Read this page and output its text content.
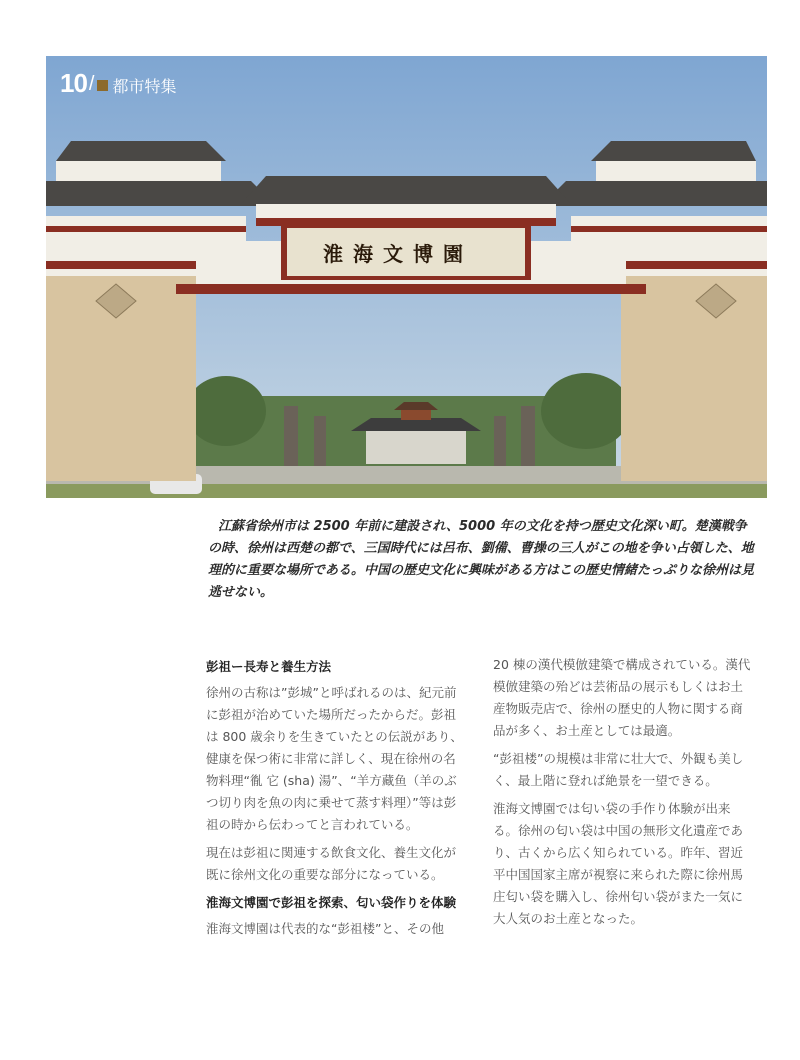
淮海文博園
10 / 都市特集

江蘇省徐州市は 2500 年前に建設され、5000 年の文化を持つ歴史文化深い町。楚漢戦争の時、徐州は西楚の都で、三国時代には呂布、劉備、曹操の三人がこの地を争い占領した、地理的に重要な場所である。中国の歴史文化に興味がある方はこの歴史情緒たっぷりな徐州は見逃せない。

彭祖ー長寿と養生方法

徐州の古称は”彭城”と呼ばれるのは、紀元前に彭祖が治めていた場所だったからだ。彭祖は 800 歳余りを生きていたとの伝説があり、健康を保つ術に非常に詳しく、現在徐州の名物料理“㣧 它 (sha) 湯”、“羊方藏鱼（羊のぶつ切り肉を魚の肉に乗せて蒸す料理）”等は彭祖の時から伝わってと言われている。

現在は彭祖に関連する飲食文化、養生文化が既に徐州文化の重要な部分になっている。

淮海文博園で彭祖を探索、匂い袋作りを体験

淮海文博園は代表的な“彭祖楼”と、その他

20 棟の漢代模倣建築で構成されている。漢代模倣建築の殆どは芸術品の展示もしくはお土産物販売店で、徐州の歴史的人物に関する商品が多く、お土産としては最適。

“彭祖楼”の規模は非常に壮大で、外観も美しく、最上階に登れば絶景を一望できる。

淮海文博園では匂い袋の手作り体験が出来る。徐州の匂い袋は中国の無形文化遺産であり、古くから広く知られている。昨年、習近平中国国家主席が視察に来られた際に徐州馬庄匂い袋を購入し、徐州匂い袋がまた一気に大人気のお土産となった。
